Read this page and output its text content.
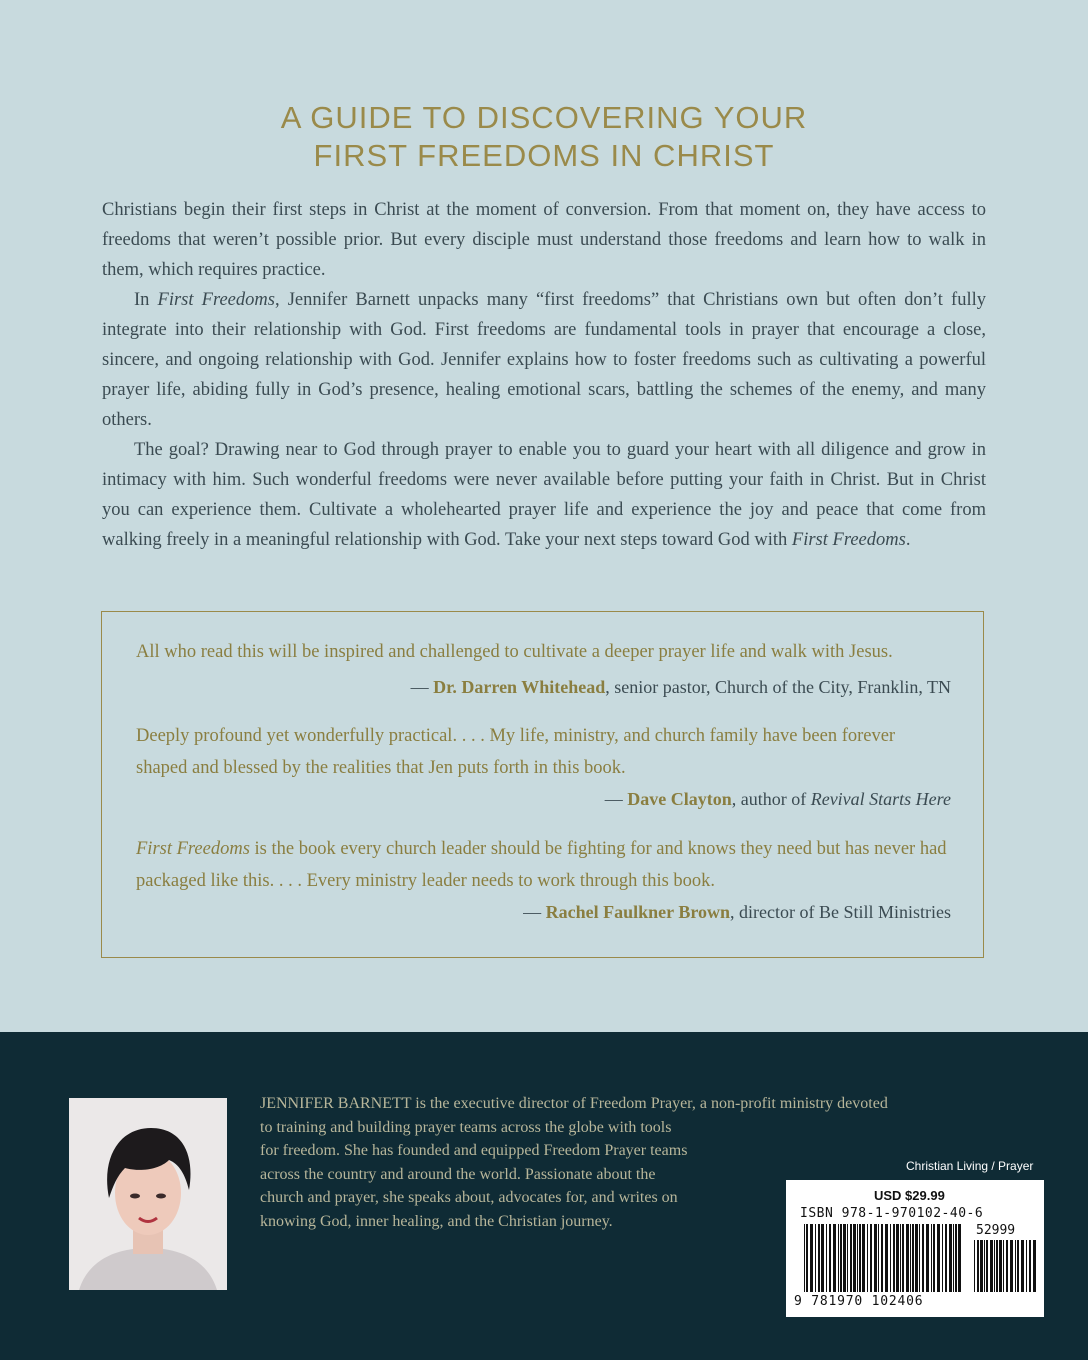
A GUIDE TO DISCOVERING YOUR
FIRST FREEDOMS IN CHRIST

Christians begin their first steps in Christ at the moment of conversion. From that moment on, they have access to freedoms that weren’t possible prior. But every disciple must understand those freedoms and learn how to walk in them, which requires practice.

In First Freedoms, Jennifer Barnett unpacks many “first freedoms” that Christians own but often don’t fully integrate into their relationship with God. First freedoms are fundamental tools in prayer that encourage a close, sincere, and ongoing relationship with God. Jennifer explains how to foster freedoms such as cultivating a powerful prayer life, abiding fully in God’s presence, healing emotional scars, battling the schemes of the enemy, and many others.

The goal? Drawing near to God through prayer to enable you to guard your heart with all diligence and grow in intimacy with him. Such wonderful freedoms were never available before putting your faith in Christ. But in Christ you can experience them. Cultivate a wholehearted prayer life and experience the joy and peace that come from walking freely in a meaningful relationship with God. Take your next steps toward God with First Freedoms.

All who read this will be inspired and challenged to cultivate a deeper prayer life and walk with Jesus.
— Dr. Darren Whitehead, senior pastor, Church of the City, Franklin, TN
Deeply profound yet wonderfully practical. . . . My life, ministry, and church family have been forever shaped and blessed by the realities that Jen puts forth in this book.
— Dave Clayton, author of Revival Starts Here
First Freedoms is the book every church leader should be fighting for and knows they need but has never had packaged like this. . . . Every ministry leader needs to work through this book.
— Rachel Faulkner Brown, director of Be Still Ministries
JENNIFER BARNETT is the executive director of Freedom Prayer, a non-profit ministry devoted
to training and building prayer teams across the globe with tools
for freedom. She has founded and equipped Freedom Prayer teams
across the country and around the world. Passionate about the
church and prayer, she speaks about, advocates for, and writes on
knowing God, inner healing, and the Christian journey.
Christian Living / Prayer
USD $29.99
ISBN 978-1-970102-40-6
52999
9 781970 102406
